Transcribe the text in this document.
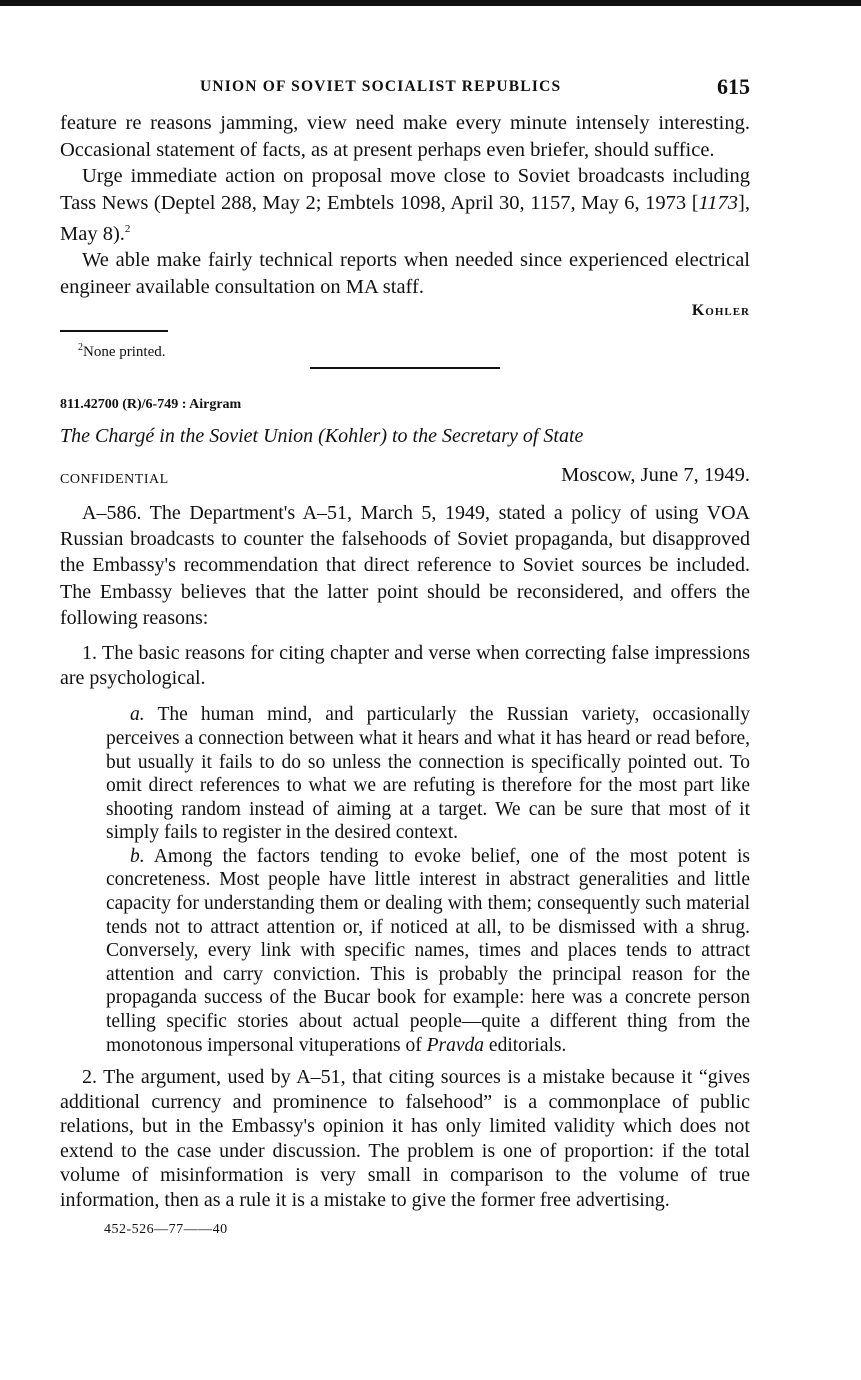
UNION OF SOVIET SOCIALIST REPUBLICS	615

feature re reasons jamming, view need make every minute intensely interesting. Occasional statement of facts, as at present perhaps even briefer, should suffice.

Urge immediate action on proposal move close to Soviet broadcasts including Tass News (Deptel 288, May 2; Embtels 1098, April 30, 1157, May 6, 1973 [1173], May 8).$^2$

We able make fairly technical reports when needed since experienced electrical engineer available consultation on MA staff.

Kohler

$^2$None printed.

811.42700 (R)/6-749 : Airgram

The Chargé in the Soviet Union (Kohler) to the Secretary of State

CONFIDENTIAL	Moscow, June 7, 1949.

A–586. The Department's A–51, March 5, 1949, stated a policy of using VOA Russian broadcasts to counter the falsehoods of Soviet propaganda, but disapproved the Embassy's recommendation that direct reference to Soviet sources be included. The Embassy believes that the latter point should be reconsidered, and offers the following reasons:

1. The basic reasons for citing chapter and verse when correcting false impressions are psychological.

a. The human mind, and particularly the Russian variety, occasionally perceives a connection between what it hears and what it has heard or read before, but usually it fails to do so unless the connection is specifically pointed out. To omit direct references to what we are refuting is therefore for the most part like shooting random instead of aiming at a target. We can be sure that most of it simply fails to register in the desired context.

b. Among the factors tending to evoke belief, one of the most potent is concreteness. Most people have little interest in abstract generalities and little capacity for understanding them or dealing with them; consequently such material tends not to attract attention or, if noticed at all, to be dismissed with a shrug. Conversely, every link with specific names, times and places tends to attract attention and carry conviction. This is probably the principal reason for the propaganda success of the Bucar book for example: here was a concrete person telling specific stories about actual people—quite a different thing from the monotonous impersonal vituperations of Pravda editorials.

2. The argument, used by A–51, that citing sources is a mistake because it “gives additional currency and prominence to falsehood” is a commonplace of public relations, but in the Embassy's opinion it has only limited validity which does not extend to the case under discussion. The problem is one of proportion: if the total volume of misinformation is very small in comparison to the volume of true information, then as a rule it is a mistake to give the former free advertising.

452-526—77——40
